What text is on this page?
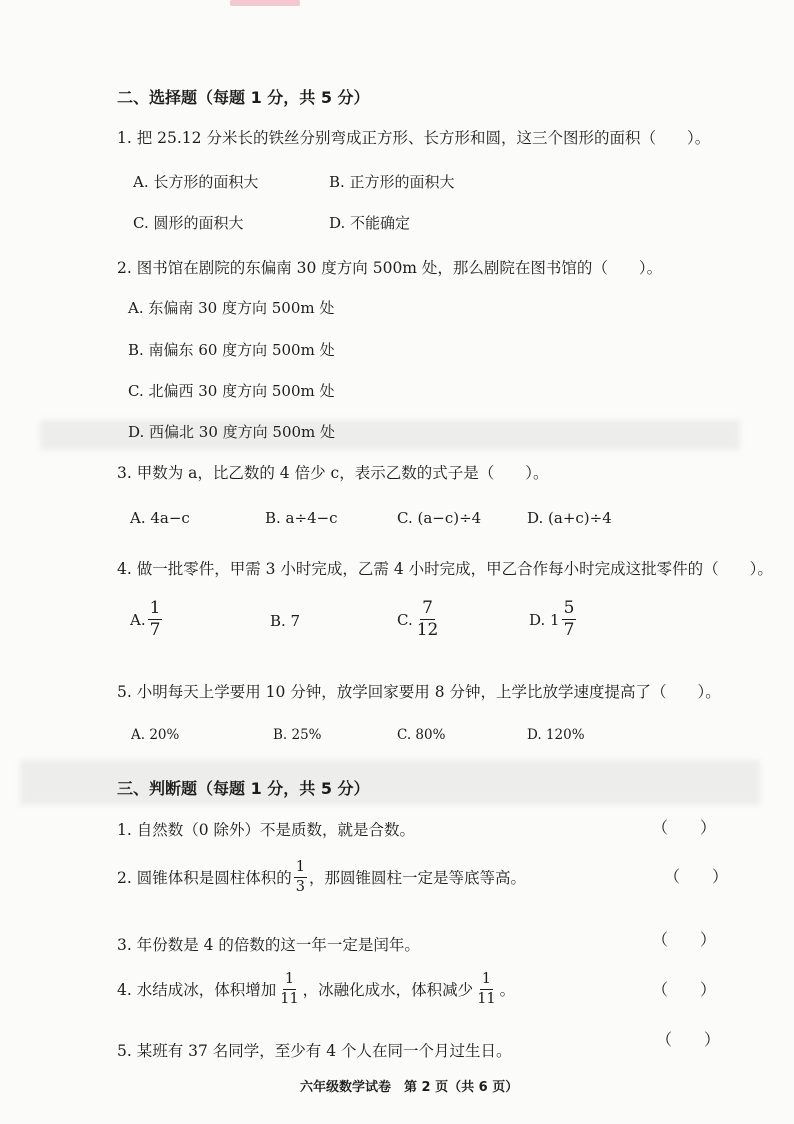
二、选择题（每题 1 分，共 5 分）
1. 把 25.12 分米长的铁丝分别弯成正方形、长方形和圆，这三个图形的面积（　　）。
A. 长方形的面积大	B. 正方形的面积大
C. 圆形的面积大	D. 不能确定
2. 图书馆在剧院的东偏南 30 度方向 500m 处，那么剧院在图书馆的（　　）。
A. 东偏南 30 度方向 500m 处
B. 南偏东 60 度方向 500m 处
C. 北偏西 30 度方向 500m 处
D. 西偏北 30 度方向 500m 处
3. 甲数为 a，比乙数的 4 倍少 c，表示乙数的式子是（　　）。
A. 4a−c	B. a÷4−c	C. (a−c)÷4	D. (a+c)÷4
4. 做一批零件，甲需 3 小时完成，乙需 4 小时完成，甲乙合作每小时完成这批零件的（　　）。
A. $\frac{1}{7}$	B. 7	C. $\frac{7}{12}$	D. $1 \frac{5}{7}$
5. 小明每天上学要用 10 分钟，放学回家要用 8 分钟，上学比放学速度提高了（　　）。
A. 20%	B. 25%	C. 80%	D. 120%
三、判断题（每题 1 分，共 5 分）
1. 自然数（0 除外）不是质数，就是合数。	（　　）
2. 圆锥体积是圆柱体积的 $\frac{1}{3}$ ，那圆锥圆柱一定是等底等高。	（　　）
3. 年份数是 4 的倍数的这一年一定是闰年。	（　　）
4. 水结成冰，体积增加 $\frac{1}{11}$ ，冰融化成水，体积减少 $\frac{1}{11}$ 。	（　　）
5. 某班有 37 名同学，至少有 4 个人在同一个月过生日。
（　　）
六年级数学试卷　第 2 页（共 6 页）
